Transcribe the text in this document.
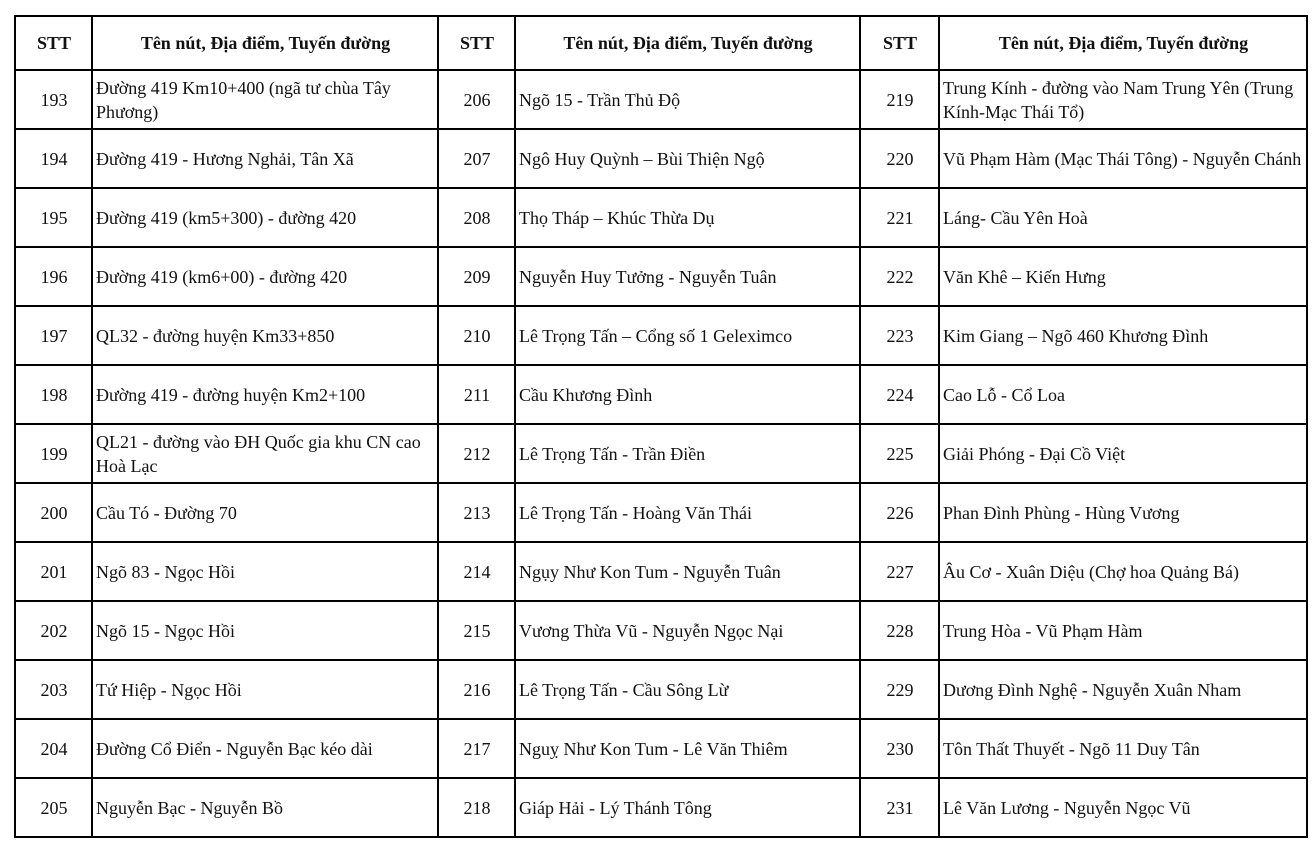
STT	Tên nút, Địa điểm, Tuyến đường	STT	Tên nút, Địa điểm, Tuyến đường	STT	Tên nút, Địa điểm, Tuyến đường
193	Đường 419 Km10+400 (ngã tư chùa Tây Phương)	206	Ngõ 15 - Trần Thủ Độ	219	Trung Kính - đường vào Nam Trung Yên (Trung Kính-Mạc Thái Tổ)
194	Đường 419 - Hương Nghải, Tân Xã	207	Ngô Huy Quỳnh – Bùi Thiện Ngộ	220	Vũ Phạm Hàm (Mạc Thái Tông) - Nguyễn Chánh
195	Đường 419 (km5+300) - đường 420	208	Thọ Tháp – Khúc Thừa Dụ	221	Láng- Cầu Yên Hoà
196	Đường 419 (km6+00) - đường 420	209	Nguyễn Huy Tưởng - Nguyễn Tuân	222	Văn Khê – Kiến Hưng
197	QL32 - đường huyện Km33+850	210	Lê Trọng Tấn – Cổng số 1 Geleximco	223	Kim Giang – Ngõ 460 Khương Đình
198	Đường 419 - đường huyện Km2+100	211	Cầu Khương Đình	224	Cao Lỗ - Cổ Loa
199	QL21 - đường vào ĐH Quốc gia khu CN cao Hoà Lạc	212	Lê Trọng Tấn - Trần Điền	225	Giải Phóng - Đại Cồ Việt
200	Cầu Tó - Đường 70	213	Lê Trọng Tấn - Hoàng Văn Thái	226	Phan Đình Phùng - Hùng Vương
201	Ngõ 83 - Ngọc Hồi	214	Ngụy Như Kon Tum - Nguyễn Tuân	227	Âu Cơ - Xuân Diệu (Chợ hoa Quảng Bá)
202	Ngõ 15 - Ngọc Hồi	215	Vương Thừa Vũ - Nguyễn Ngọc Nại	228	Trung Hòa - Vũ Phạm Hàm
203	Tứ Hiệp - Ngọc Hồi	216	Lê Trọng Tấn - Cầu Sông Lừ	229	Dương Đình Nghệ - Nguyễn Xuân Nham
204	Đường Cổ Điển - Nguyễn Bạc kéo dài	217	Nguỵ Như Kon Tum - Lê Văn Thiêm	230	Tôn Thất Thuyết - Ngõ 11 Duy Tân
205	Nguyễn Bạc - Nguyễn Bồ	218	Giáp Hải - Lý Thánh Tông	231	Lê Văn Lương - Nguyễn Ngọc Vũ
